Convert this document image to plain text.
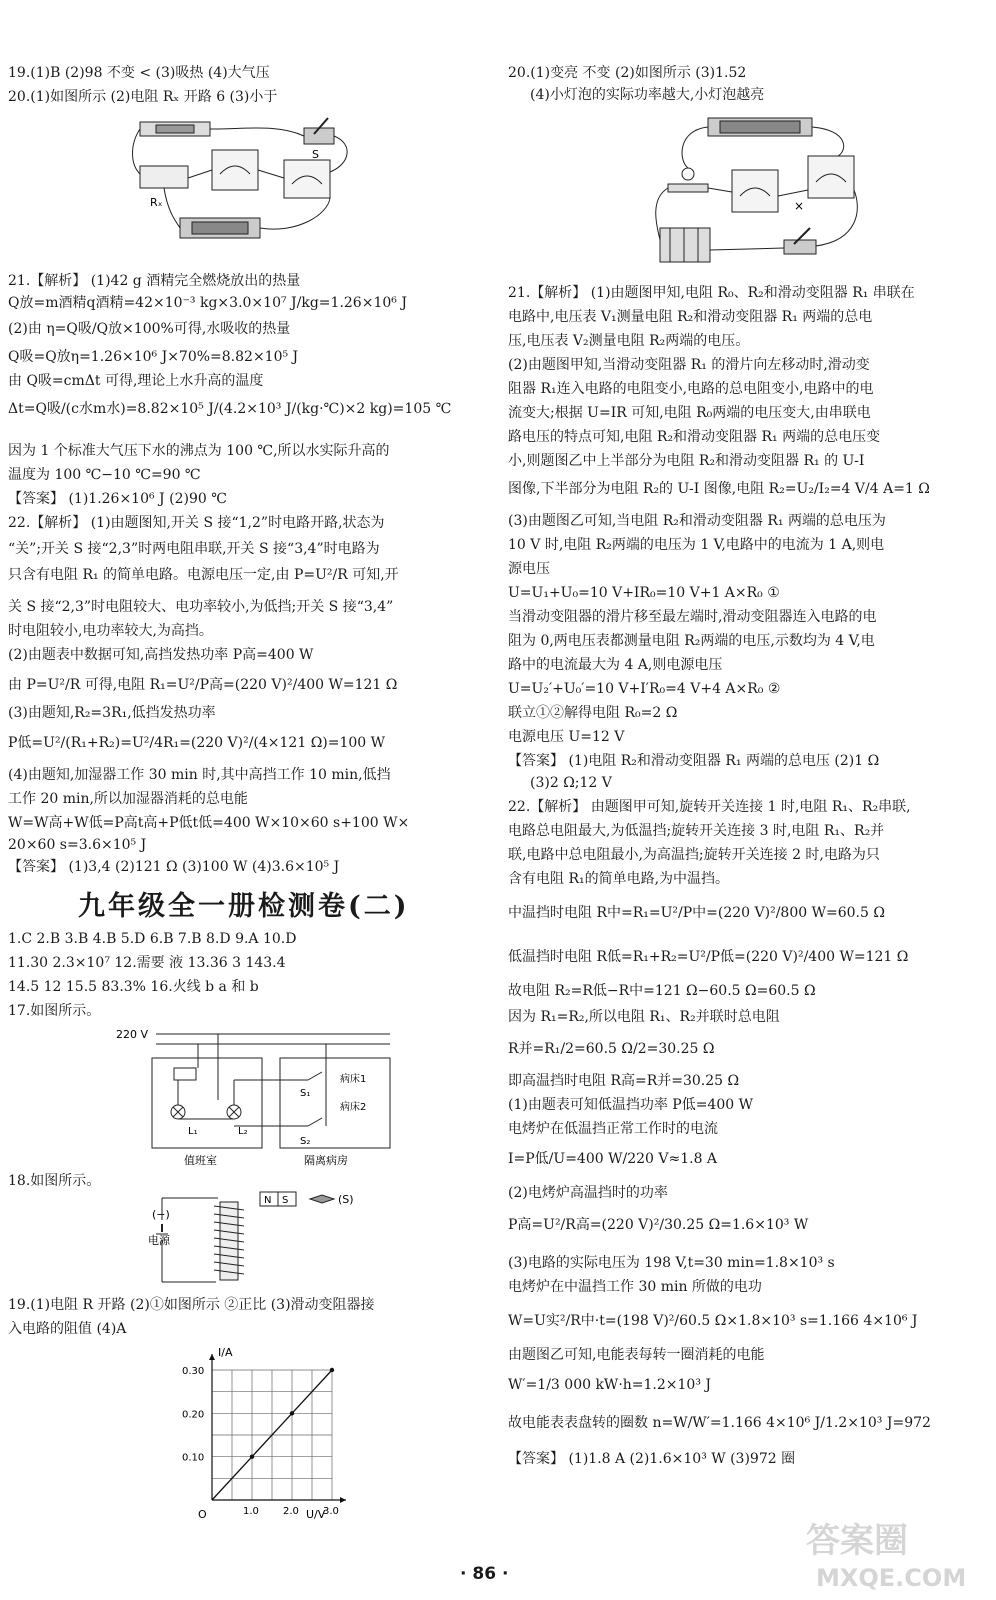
19.(1)B (2)98 不变 < (3)吸热 (4)大气压
20.(1)如图所示 (2)电阻 Rₓ 开路 6 (3)小于
Rₓ
S
21.【解析】 (1)42 g 酒精完全燃烧放出的热量
Q放=m酒精q酒精=42×10⁻³ kg×3.0×10⁷ J/kg=1.26×10⁶ J
(2)由 η=Q吸/Q放×100%可得,水吸收的热量
Q吸=Q放η=1.26×10⁶ J×70%=8.82×10⁵ J
由 Q吸=cmΔt 可得,理论上水升高的温度
Δt=Q吸/(c水m水)=8.82×10⁵ J/(4.2×10³ J/(kg·℃)×2 kg)=105 ℃
因为 1 个标准大气压下水的沸点为 100 ℃,所以水实际升高的
温度为 100 ℃−10 ℃=90 ℃
【答案】 (1)1.26×10⁶ J (2)90 ℃
22.【解析】 (1)由题图知,开关 S 接“1,2”时电路开路,状态为
“关”;开关 S 接“2,3”时两电阻串联,开关 S 接“3,4”时电路为
只含有电阻 R₁ 的简单电路。电源电压一定,由 P=U²/R 可知,开
关 S 接“2,3”时电阻较大、电功率较小,为低挡;开关 S 接“3,4”
时电阻较小,电功率较大,为高挡。
(2)由题表中数据可知,高挡发热功率 P高=400 W
由 P=U²/R 可得,电阻 R₁=U²/P高=(220 V)²/400 W=121 Ω
(3)由题知,R₂=3R₁,低挡发热功率
P低=U²/(R₁+R₂)=U²/4R₁=(220 V)²/(4×121 Ω)=100 W
(4)由题知,加湿器工作 30 min 时,其中高挡工作 10 min,低挡
工作 20 min,所以加湿器消耗的总电能
W=W高+W低=P高t高+P低t低=400 W×10×60 s+100 W×
20×60 s=3.6×10⁵ J
【答案】 (1)3,4 (2)121 Ω (3)100 W (4)3.6×10⁵ J
九年级全一册检测卷(二)
1.C 2.B 3.B 4.B 5.D 6.B 7.B 8.D 9.A 10.D
11.30 2.3×10⁷ 12.需要 液 13.36 3 143.4
14.5 12 15.5 83.3% 16.火线 b a 和 b
17.如图所示。
220 V
L₁	L₂
S₁
S₂
病床1
病床2
值班室	隔离病房
18.如图所示。
(−)
电源
N S	(S)
19.(1)电阻 R 开路 (2)①如图所示 ②正比 (3)滑动变阻器接
入电路的阻值 (4)A
I/A
U/V
O	1.0 2.0 3.0
0.10
0.20
0.30
20.(1)变亮 不变 (2)如图所示 (3)1.52
(4)小灯泡的实际功率越大,小灯泡越亮
×
21.【解析】 (1)由题图甲知,电阻 R₀、R₂和滑动变阻器 R₁ 串联在
电路中,电压表 V₁测量电阻 R₂和滑动变阻器 R₁ 两端的总电
压,电压表 V₂测量电阻 R₂两端的电压。
(2)由题图甲知,当滑动变阻器 R₁ 的滑片向左移动时,滑动变
阻器 R₁连入电路的电阻变小,电路的总电阻变小,电路中的电
流变大;根据 U=IR 可知,电阻 R₀两端的电压变大,由串联电
路电压的特点可知,电阻 R₂和滑动变阻器 R₁ 两端的总电压变
小,则题图乙中上半部分为电阻 R₂和滑动变阻器 R₁ 的 U-I
图像,下半部分为电阻 R₂的 U-I 图像,电阻 R₂=U₂/I₂=4 V/4 A=1 Ω
(3)由题图乙可知,当电阻 R₂和滑动变阻器 R₁ 两端的总电压为
10 V 时,电阻 R₂两端的电压为 1 V,电路中的电流为 1 A,则电
源电压
U=U₁+U₀=10 V+IR₀=10 V+1 A×R₀ ①
当滑动变阻器的滑片移至最左端时,滑动变阻器连入电路的电
阻为 0,两电压表都测量电阻 R₂两端的电压,示数均为 4 V,电
路中的电流最大为 4 A,则电源电压
U=U₂′+U₀′=10 V+I′R₀=4 V+4 A×R₀ ②
联立①②解得电阻 R₀=2 Ω
电源电压 U=12 V
【答案】 (1)电阻 R₂和滑动变阻器 R₁ 两端的总电压 (2)1 Ω
(3)2 Ω;12 V
22.【解析】 由题图甲可知,旋转开关连接 1 时,电阻 R₁、R₂串联,
电路总电阻最大,为低温挡;旋转开关连接 3 时,电阻 R₁、R₂并
联,电路中总电阻最小,为高温挡;旋转开关连接 2 时,电路为只
含有电阻 R₁的简单电路,为中温挡。
中温挡时电阻 R中=R₁=U²/P中=(220 V)²/800 W=60.5 Ω
低温挡时电阻 R低=R₁+R₂=U²/P低=(220 V)²/400 W=121 Ω
故电阻 R₂=R低−R中=121 Ω−60.5 Ω=60.5 Ω
因为 R₁=R₂,所以电阻 R₁、R₂并联时总电阻
R并=R₁/2=60.5 Ω/2=30.25 Ω
即高温挡时电阻 R高=R并=30.25 Ω
(1)由题表可知低温挡功率 P低=400 W
电烤炉在低温挡正常工作时的电流
I=P低/U=400 W/220 V≈1.8 A
(2)电烤炉高温挡时的功率
P高=U²/R高=(220 V)²/30.25 Ω=1.6×10³ W
(3)电路的实际电压为 198 V,t=30 min=1.8×10³ s
电烤炉在中温挡工作 30 min 所做的电功
W=U实²/R中·t=(198 V)²/60.5 Ω×1.8×10³ s=1.166 4×10⁶ J
由题图乙可知,电能表每转一圈消耗的电能
W′=1/3 000 kW·h=1.2×10³ J
故电能表表盘转的圈数 n=W/W′=1.166 4×10⁶ J/1.2×10³ J=972
【答案】 (1)1.8 A (2)1.6×10³ W (3)972 圈
· 86 ·
答案圈
MXQE.COM
